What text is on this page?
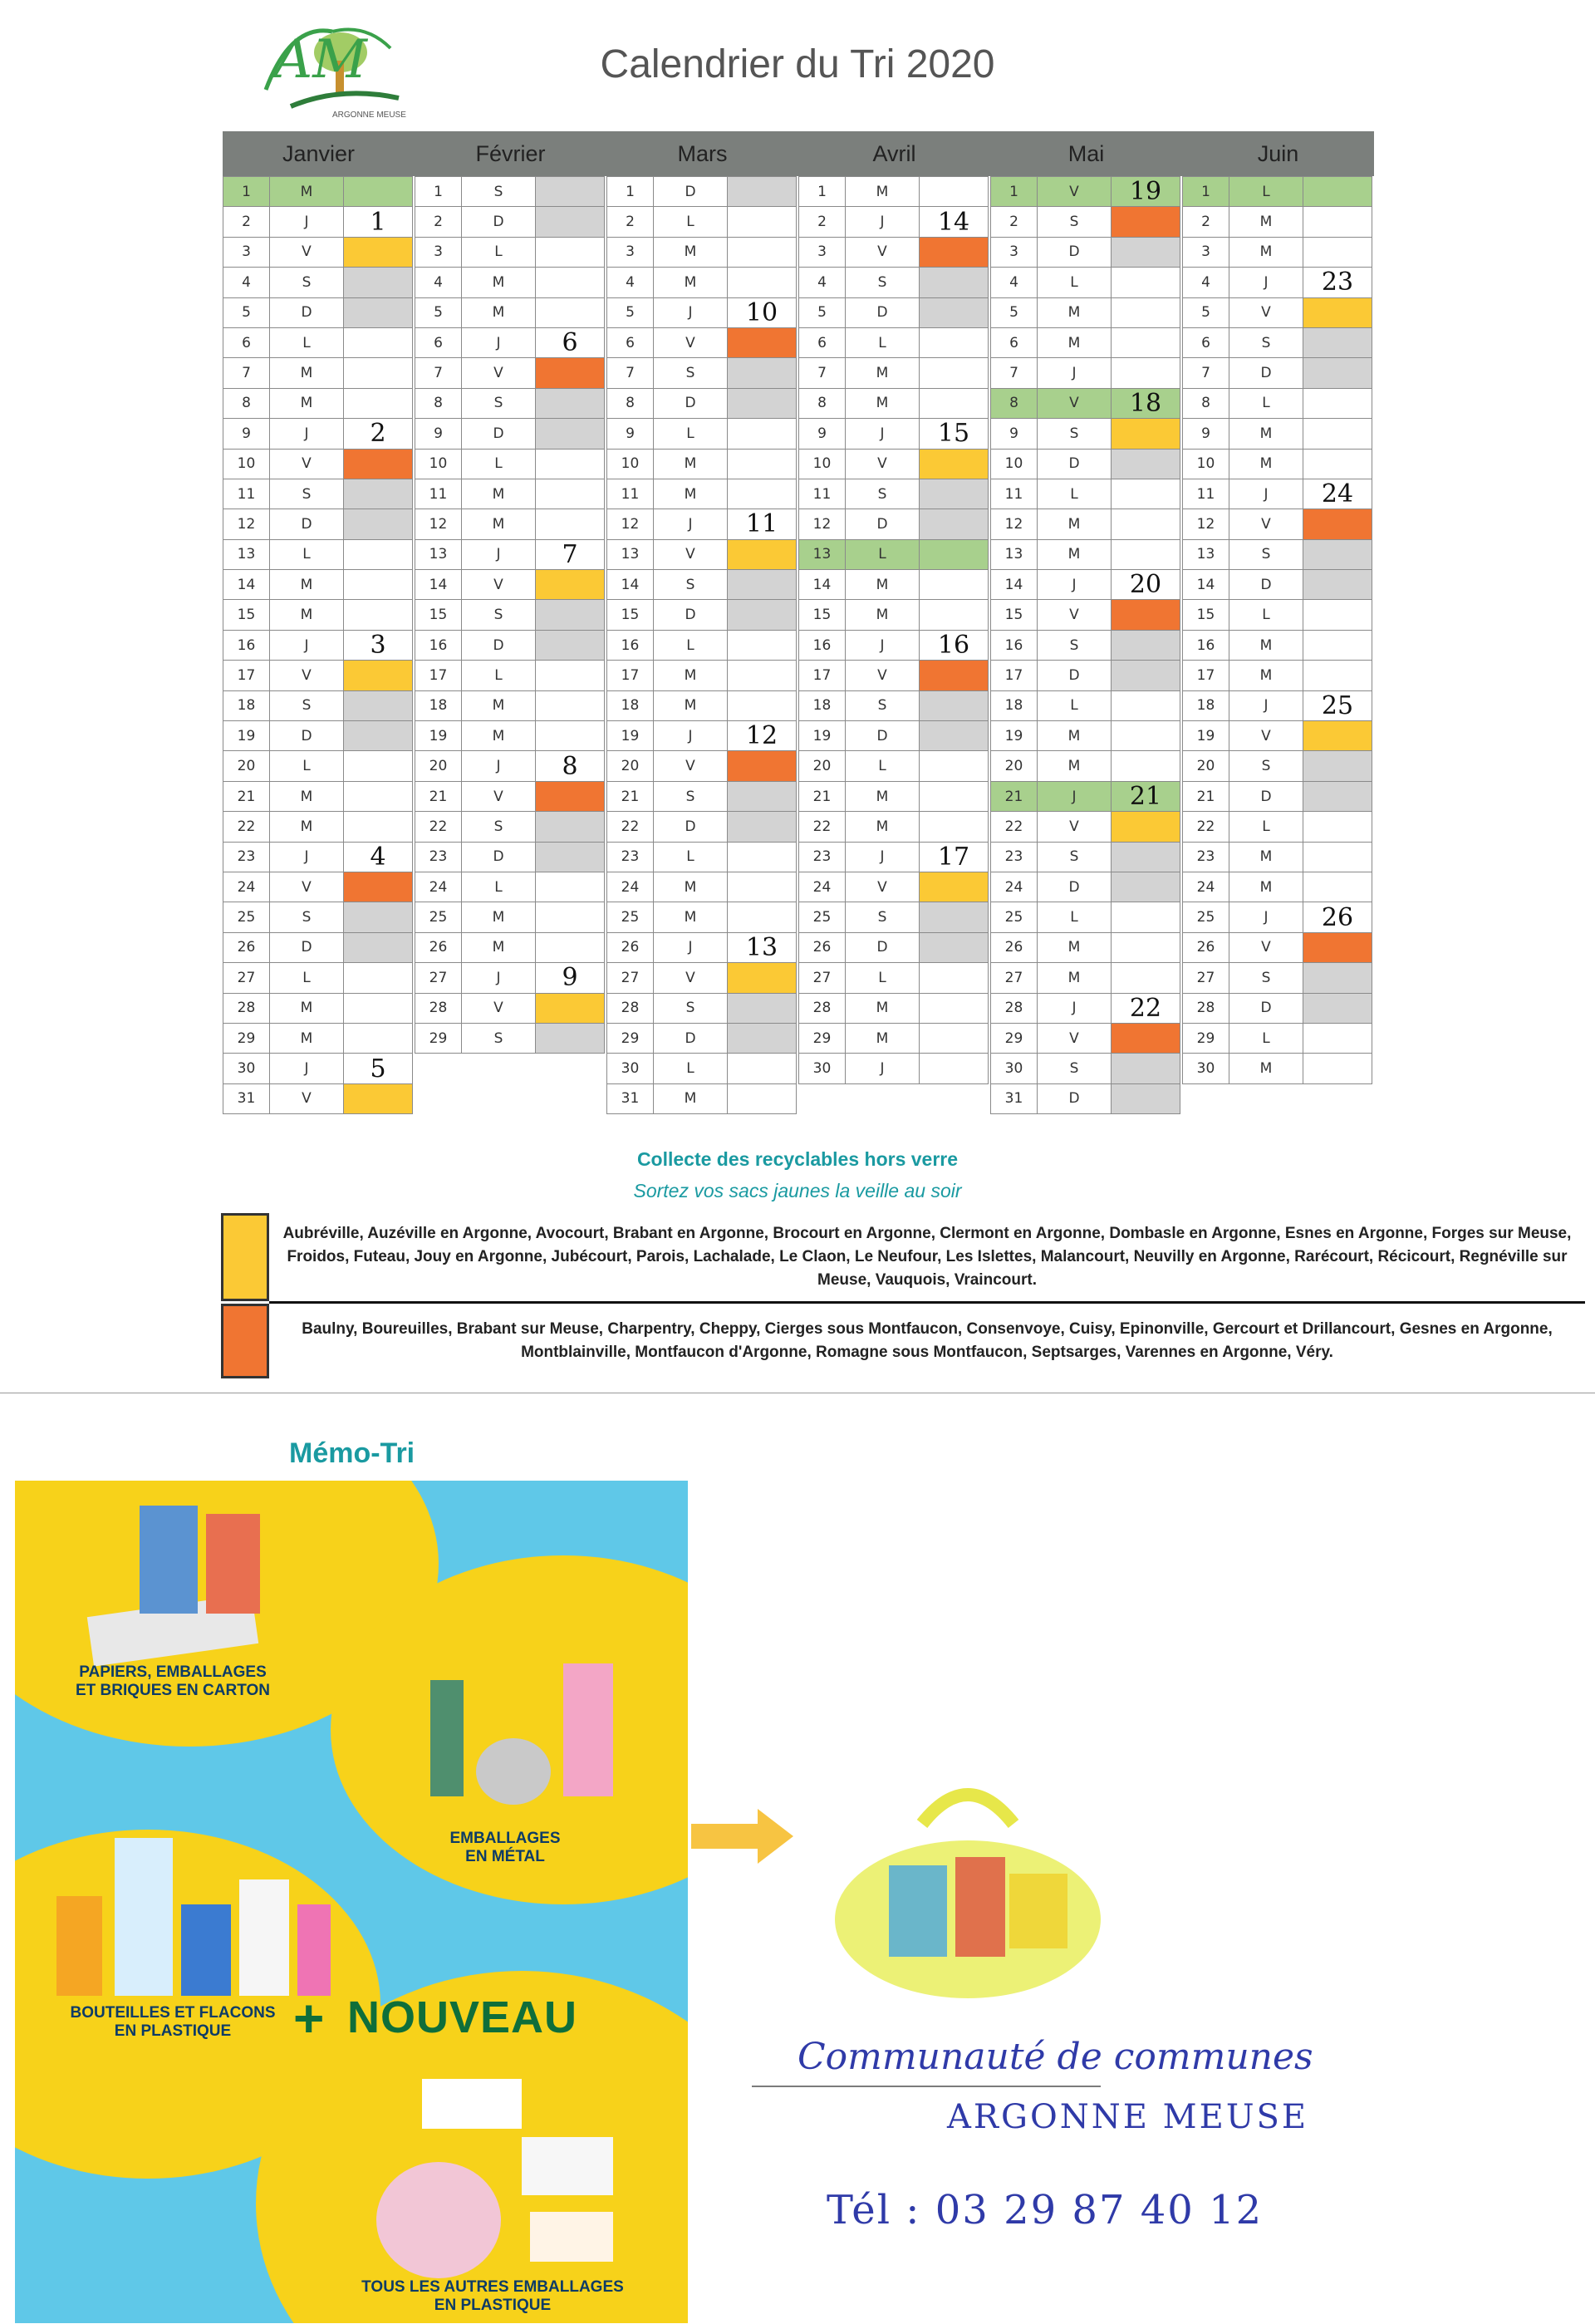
AM
ARGONNE MEUSE
Calendrier du Tri 2020
Janvier	Février	Mars	Avril	Mai	Juin
1	M
2	J	1
3	V
4	S
5	D
6	L
7	M
8	M
9	J	2
10	V
11	S
12	D
13	L
14	M
15	M
16	J	3
17	V
18	S
19	D
20	L
21	M
22	M
23	J	4
24	V
25	S
26	D
27	L
28	M
29	M
30	J	5
31	V
1	S
2	D
3	L
4	M
5	M
6	J	6
7	V
8	S
9	D
10	L
11	M
12	M
13	J	7
14	V
15	S
16	D
17	L
18	M
19	M
20	J	8
21	V
22	S
23	D
24	L
25	M
26	M
27	J	9
28	V
29	S
1	D
2	L
3	M
4	M
5	J	10
6	V
7	S
8	D
9	L
10	M
11	M
12	J	11
13	V
14	S
15	D
16	L
17	M
18	M
19	J	12
20	V
21	S
22	D
23	L
24	M
25	M
26	J	13
27	V
28	S
29	D
30	L
31	M
1	M
2	J	14
3	V
4	S
5	D
6	L
7	M
8	M
9	J	15
10	V
11	S
12	D
13	L
14	M
15	M
16	J	16
17	V
18	S
19	D
20	L
21	M
22	M
23	J	17
24	V
25	S
26	D
27	L
28	M
29	M
30	J
1	V	19
2	S
3	D
4	L
5	M
6	M
7	J
8	V	18
9	S
10	D
11	L
12	M
13	M
14	J	20
15	V
16	S
17	D
18	L
19	M
20	M
21	J	21
22	V
23	S
24	D
25	L
26	M
27	M
28	J	22
29	V
30	S
31	D
1	L
2	M
3	M
4	J	23
5	V
6	S
7	D
8	L
9	M
10	M
11	J	24
12	V
13	S
14	D
15	L
16	M
17	M
18	J	25
19	V
20	S
21	D
22	L
23	M
24	M
25	J	26
26	V
27	S
28	D
29	L
30	M
Collecte des recyclables hors verre
Sortez vos sacs jaunes la veille au soir
Aubréville, Auzéville en Argonne, Avocourt, Brabant en Argonne, Brocourt en Argonne, Clermont en Argonne, Dombasle en Argonne, Esnes en Argonne, Forges sur Meuse, Froidos, Futeau, Jouy en Argonne, Jubécourt, Parois, Lachalade, Le Claon, Le Neufour, Les Islettes, Malancourt, Neuvilly en Argonne, Rarécourt, Récicourt, Regnéville sur Meuse, Vauquois, Vraincourt.
Baulny, Boureuilles, Brabant sur Meuse, Charpentry, Cheppy, Cierges sous Montfaucon, Consenvoye, Cuisy, Epinonville, Gercourt et Drillancourt, Gesnes en Argonne, Montblainville, Montfaucon d'Argonne, Romagne sous Montfaucon, Septsarges, Varennes en Argonne, Véry.
Mémo-Tri
PAPIERS, EMBALLAGES
ET BRIQUES EN CARTON
EMBALLAGES
EN MÉTAL
BOUTEILLES ET FLACONS
EN PLASTIQUE	+ NOUVEAU
TOUS LES AUTRES EMBALLAGES
EN PLASTIQUE
Communauté de communes
ARGONNE MEUSE
Tél : 03 29 87 40 12
